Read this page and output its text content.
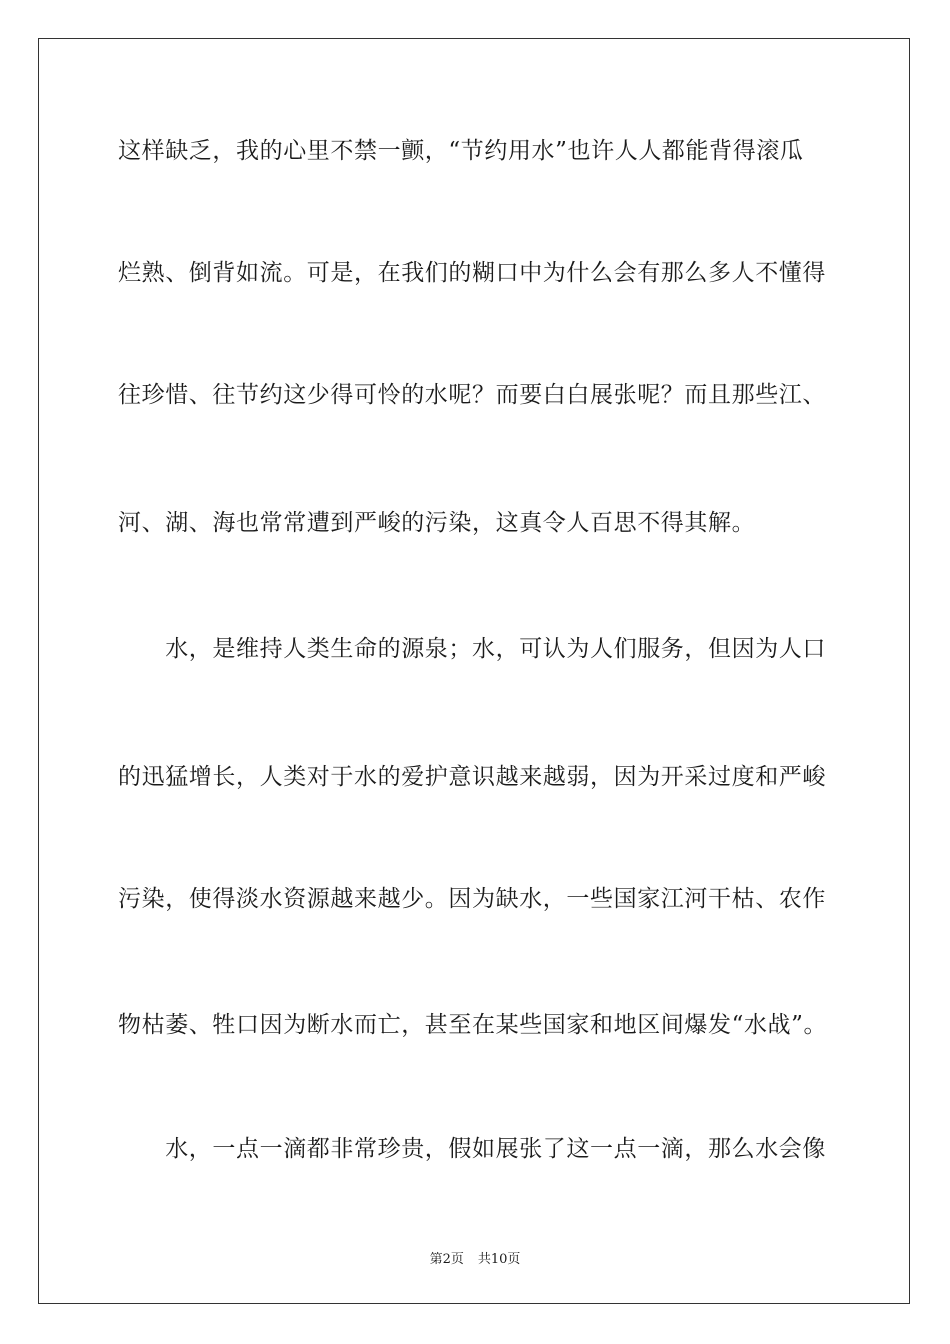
这样缺乏，我的心里不禁一颤，“节约用水”也许人人都能背得滚瓜

烂熟、倒背如流。可是，在我们的糊口中为什么会有那么多人不懂得

往珍惜、往节约这少得可怜的水呢？而要白白展张呢？而且那些江、

河、湖、海也常常遭到严峻的污染，这真令人百思不得其解。

　　水，是维持人类生命的源泉；水，可认为人们服务，但因为人口

的迅猛增长，人类对于水的爱护意识越来越弱，因为开采过度和严峻

污染，使得淡水资源越来越少。因为缺水，一些国家江河干枯、农作

物枯萎、牲口因为断水而亡，甚至在某些国家和地区间爆发“水战”。

　　水，一点一滴都非常珍贵，假如展张了这一点一滴，那么水会像

第2页 共10页
